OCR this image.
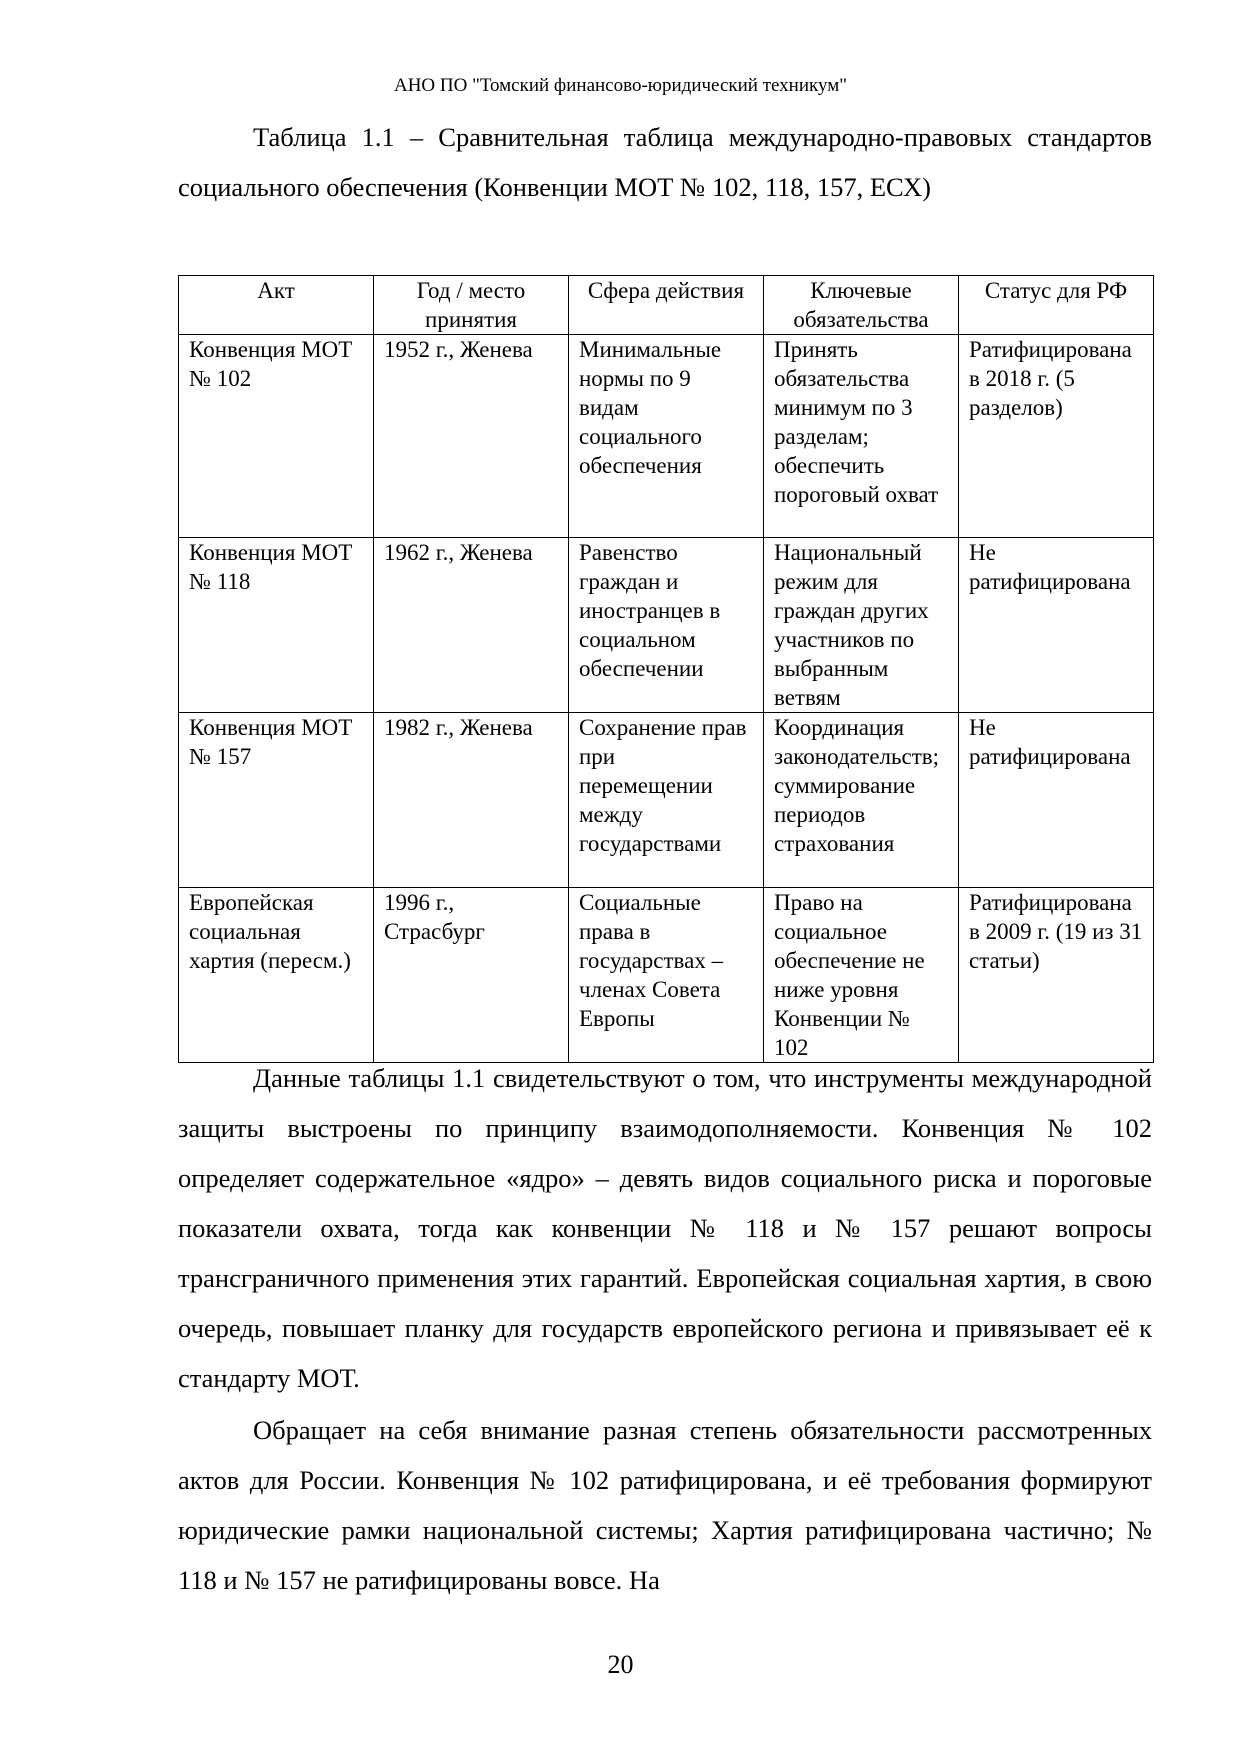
АНО ПО "Томский финансово-юридический техникум"

Таблица 1.1 – Сравнительная таблица международно-правовых стандартов социального обеспечения (Конвенции МОТ № 102, 118, 157, ЕСХ)

Акт	Год / место принятия	Сфера действия	Ключевые обязательства	Статус для РФ
Конвенция МОТ № 102	1952 г., Женева	Минимальные нормы по 9 видам социального обеспечения	Принять обязательства минимум по 3 разделам; обеспечить пороговый охват	Ратифицирована в 2018 г. (5 разделов)
Конвенция МОТ № 118	1962 г., Женева	Равенство граждан и иностранцев в социальном обеспечении	Национальный режим для граждан других участников по выбранным ветвям	Не ратифицирована
Конвенция МОТ № 157	1982 г., Женева	Сохранение прав при перемещении между государствами	Координация законодательств; суммирование периодов страхования	Не ратифицирована
Европейская социальная хартия (пересм.)	1996 г., Страсбург	Социальные права в государствах – членах Совета Европы	Право на социальное обеспечение не ниже уровня Конвенции № 102	Ратифицирована в 2009 г. (19 из 31 статьи)

Данные таблицы 1.1 свидетельствуют о том, что инструменты международной защиты выстроены по принципу взаимодополняемости. Конвенция № 102 определяет содержательное «ядро» – девять видов социального риска и пороговые показатели охвата, тогда как конвенции № 118 и № 157 решают вопросы трансграничного применения этих гарантий. Европейская социальная хартия, в свою очередь, повышает планку для государств европейского региона и привязывает её к стандарту МОТ.

Обращает на себя внимание разная степень обязательности рассмотренных актов для России. Конвенция № 102 ратифицирована, и её требования формируют юридические рамки национальной системы; Хартия ратифицирована частично; № 118 и № 157 не ратифицированы вовсе. На

20
